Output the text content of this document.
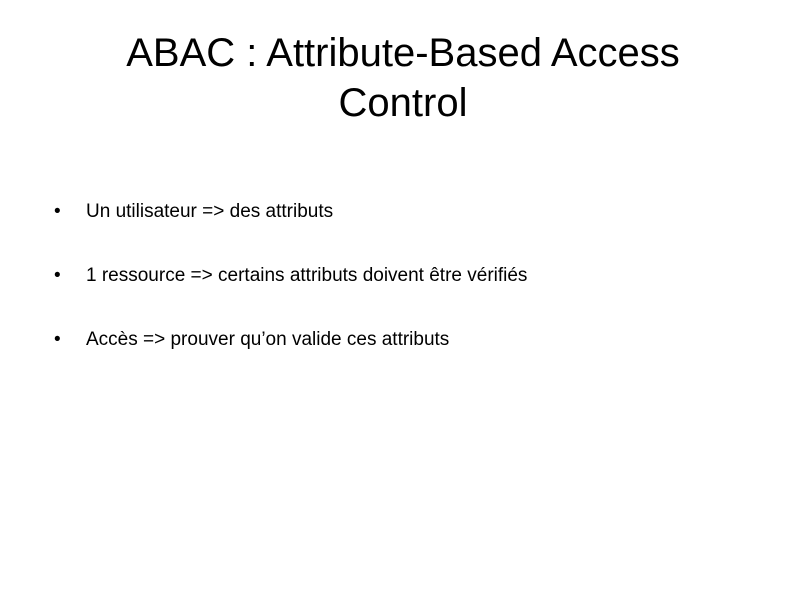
ABAC : Attribute-Based Access Control
•	Un utilisateur => des attributs
•	1 ressource => certains attributs doivent être vérifiés
•	Accès => prouver qu’on valide ces attributs
